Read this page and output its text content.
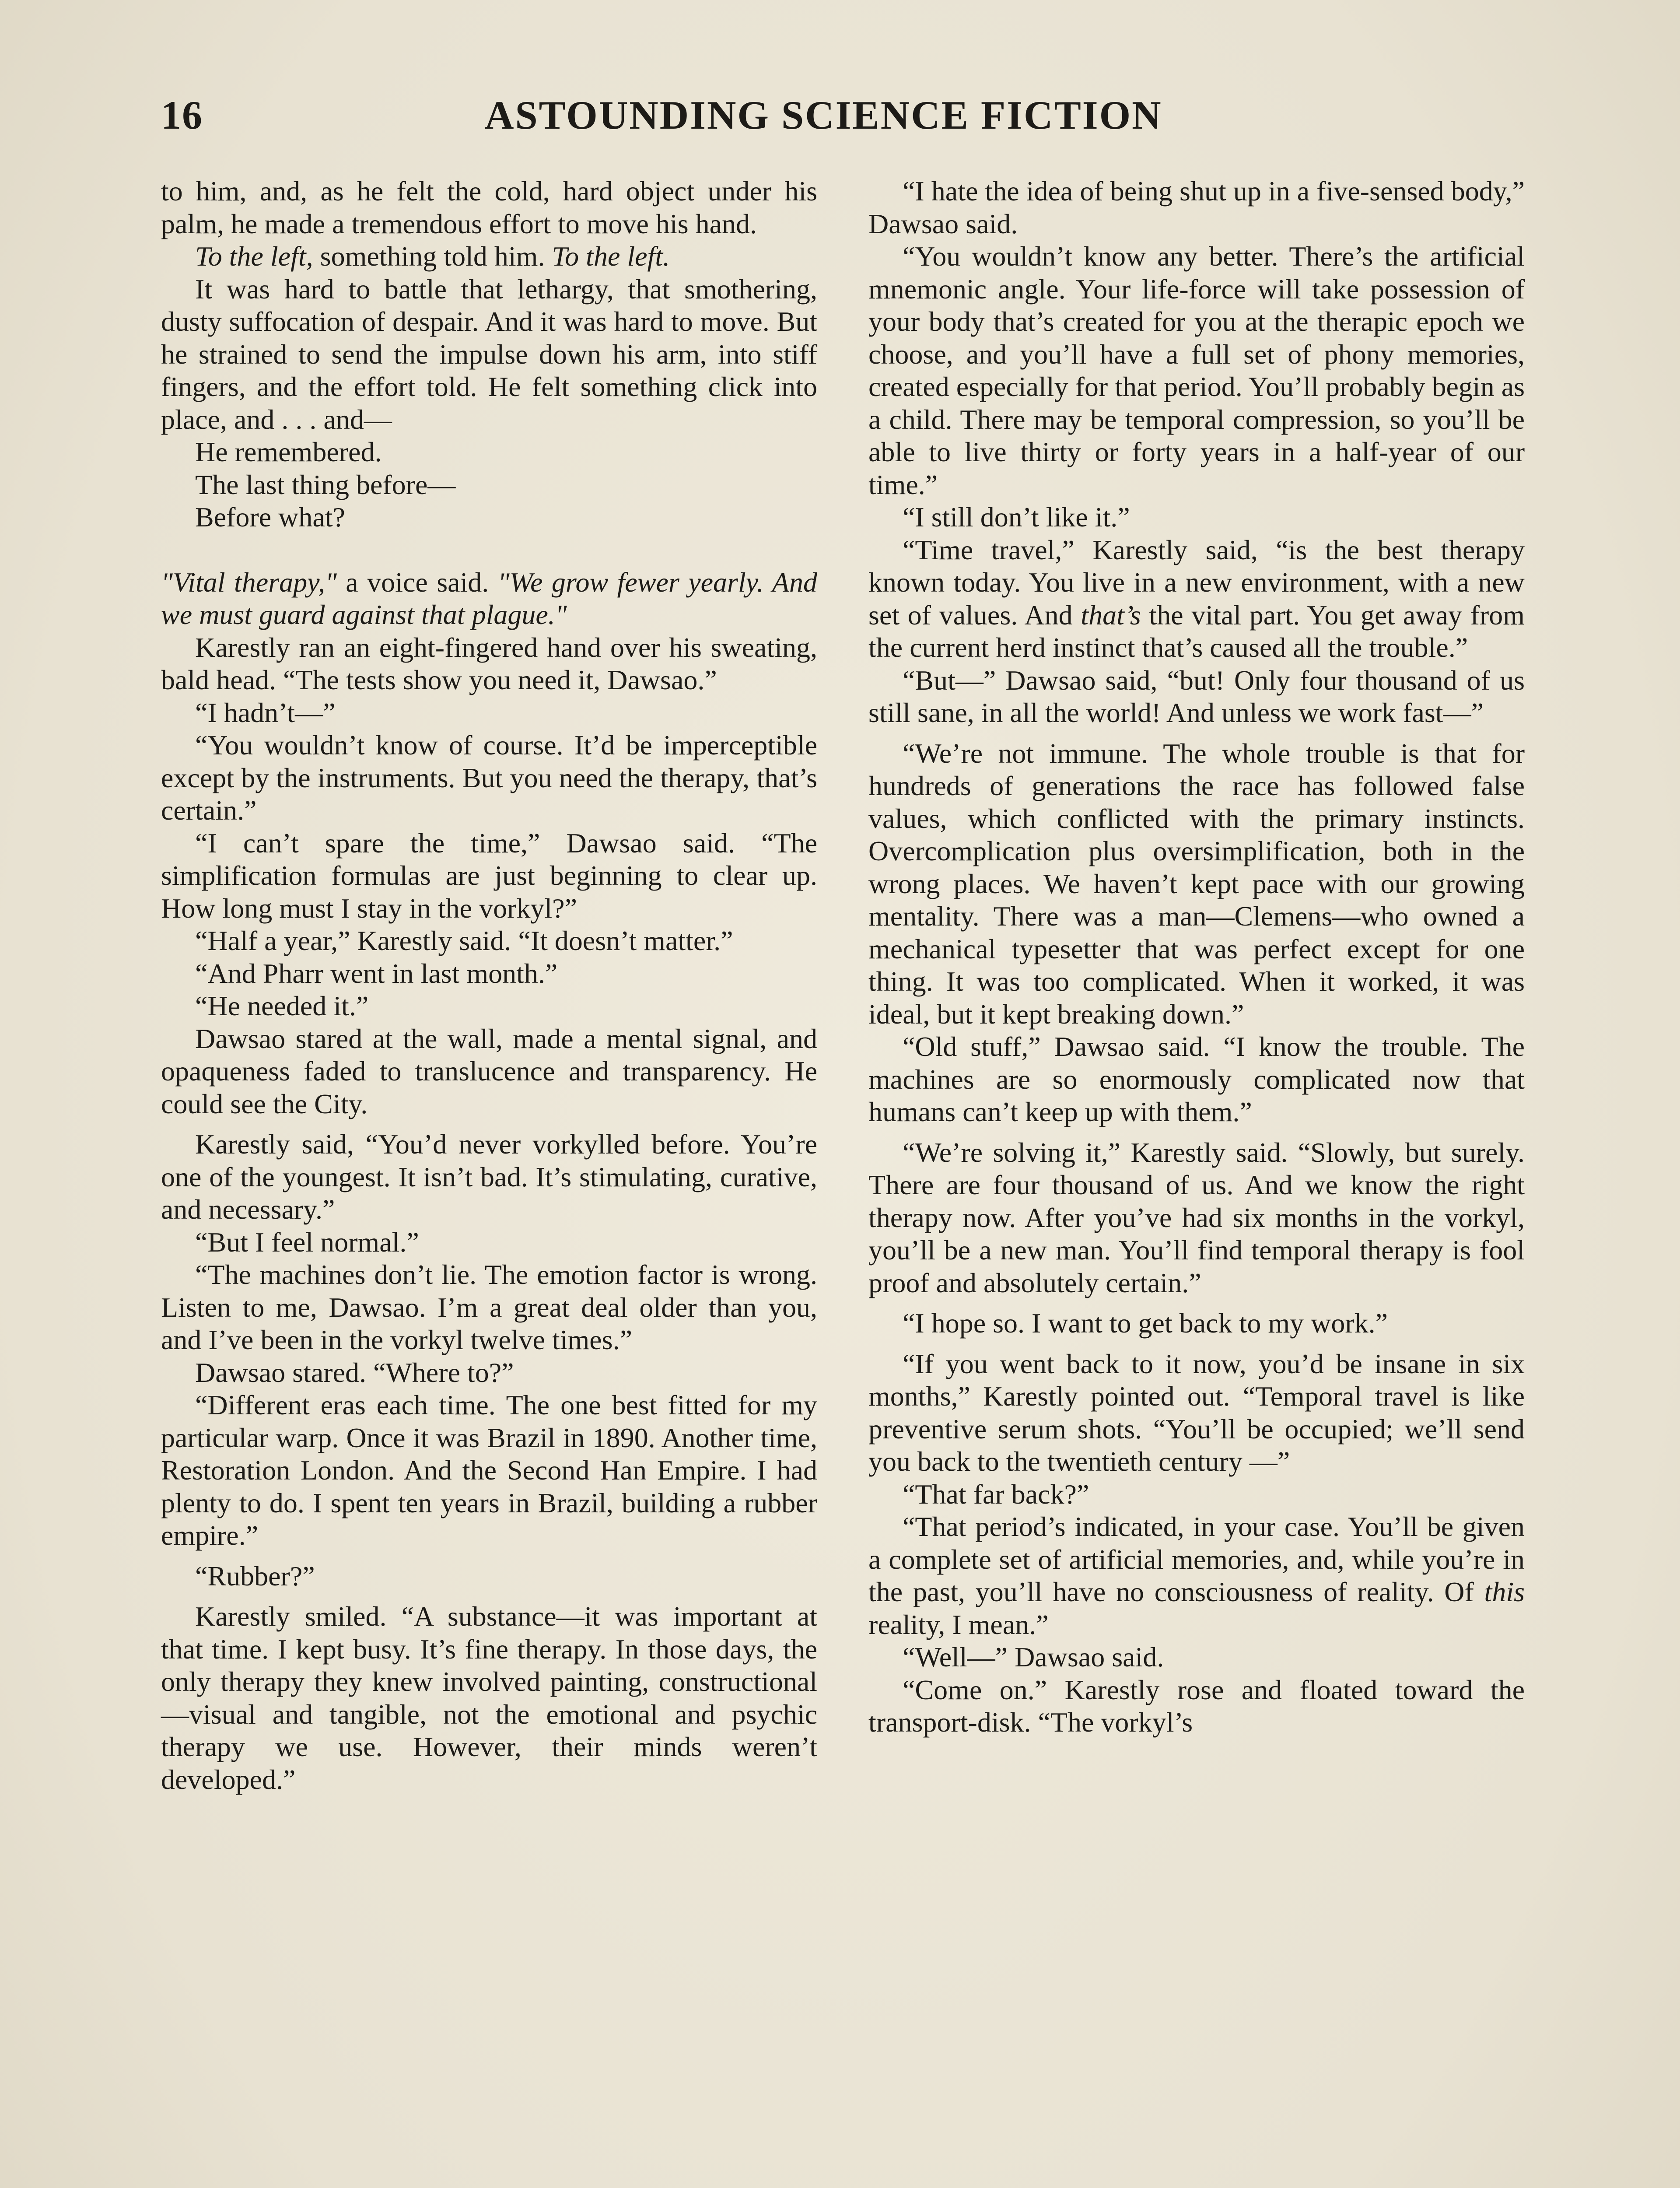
16	ASTOUNDING SCIENCE FICTION

to him, and, as he felt the cold, hard object under his palm, he made a tremendous effort to move his hand.

To the left, something told him. To the left.

It was hard to battle that lethargy, that smothering, dusty suffocation of despair. And it was hard to move. But he strained to send the impulse down his arm, into stiff fingers, and the effort told. He felt something click into place, and . . . and—

He remembered.

The last thing before—

Before what?

"Vital therapy," a voice said. "We grow fewer yearly. And we must guard against that plague."

Karestly ran an eight-fingered hand over his sweating, bald head. “The tests show you need it, Dawsao.”

“I hadn’t—”

“You wouldn’t know of course. It’d be imperceptible except by the instruments. But you need the therapy, that’s certain.”

“I can’t spare the time,” Dawsao said. “The simplification formulas are just beginning to clear up. How long must I stay in the vorkyl?”

“Half a year,” Karestly said. “It doesn’t matter.”

“And Pharr went in last month.”

“He needed it.”

Dawsao stared at the wall, made a mental signal, and opaqueness faded to translucence and transparency. He could see the City.

Karestly said, “You’d never vorkylled before. You’re one of the youngest. It isn’t bad. It’s stimulating, curative, and necessary.”

“But I feel normal.”

“The machines don’t lie. The emotion factor is wrong. Listen to me, Dawsao. I’m a great deal older than you, and I’ve been in the vorkyl twelve times.”

Dawsao stared. “Where to?”

“Different eras each time. The one best fitted for my particular warp. Once it was Brazil in 1890. Another time, Restoration London. And the Second Han Empire. I had plenty to do. I spent ten years in Brazil, building a rubber empire.”

“Rubber?”

Karestly smiled. “A substance—it was important at that time. I kept busy. It’s fine therapy. In those days, the only therapy they knew involved painting, constructional—visual and tangible, not the emotional and psychic therapy we use. However, their minds weren’t developed.”

“I hate the idea of being shut up in a five-sensed body,” Dawsao said.

“You wouldn’t know any better. There’s the artificial mnemonic angle. Your life-force will take possession of your body that’s created for you at the therapic epoch we choose, and you’ll have a full set of phony memories, created especially for that period. You’ll probably begin as a child. There may be temporal compression, so you’ll be able to live thirty or forty years in a half-year of our time.”

“I still don’t like it.”

“Time travel,” Karestly said, “is the best therapy known today. You live in a new environment, with a new set of values. And that’s the vital part. You get away from the current herd instinct that’s caused all the trouble.”

“But—” Dawsao said, “but! Only four thousand of us still sane, in all the world! And unless we work fast—”

“We’re not immune. The whole trouble is that for hundreds of generations the race has followed false values, which conflicted with the primary instincts. Overcomplication plus oversimplification, both in the wrong places. We haven’t kept pace with our growing mentality. There was a man—Clemens—who owned a mechanical typesetter that was perfect except for one thing. It was too complicated. When it worked, it was ideal, but it kept breaking down.”

“Old stuff,” Dawsao said. “I know the trouble. The machines are so enormously complicated now that humans can’t keep up with them.”

“We’re solving it,” Karestly said. “Slowly, but surely. There are four thousand of us. And we know the right therapy now. After you’ve had six months in the vorkyl, you’ll be a new man. You’ll find temporal therapy is fool proof and absolutely certain.”

“I hope so. I want to get back to my work.”

“If you went back to it now, you’d be insane in six months,” Karestly pointed out. “Temporal travel is like preventive serum shots. “You’ll be occupied; we’ll send you back to the twentieth century —”

“That far back?”

“That period’s indicated, in your case. You’ll be given a complete set of artificial memories, and, while you’re in the past, you’ll have no consciousness of reality. Of this reality, I mean.”

“Well—” Dawsao said.

“Come on.” Karestly rose and floated toward the transport-disk. “The vorkyl’s
